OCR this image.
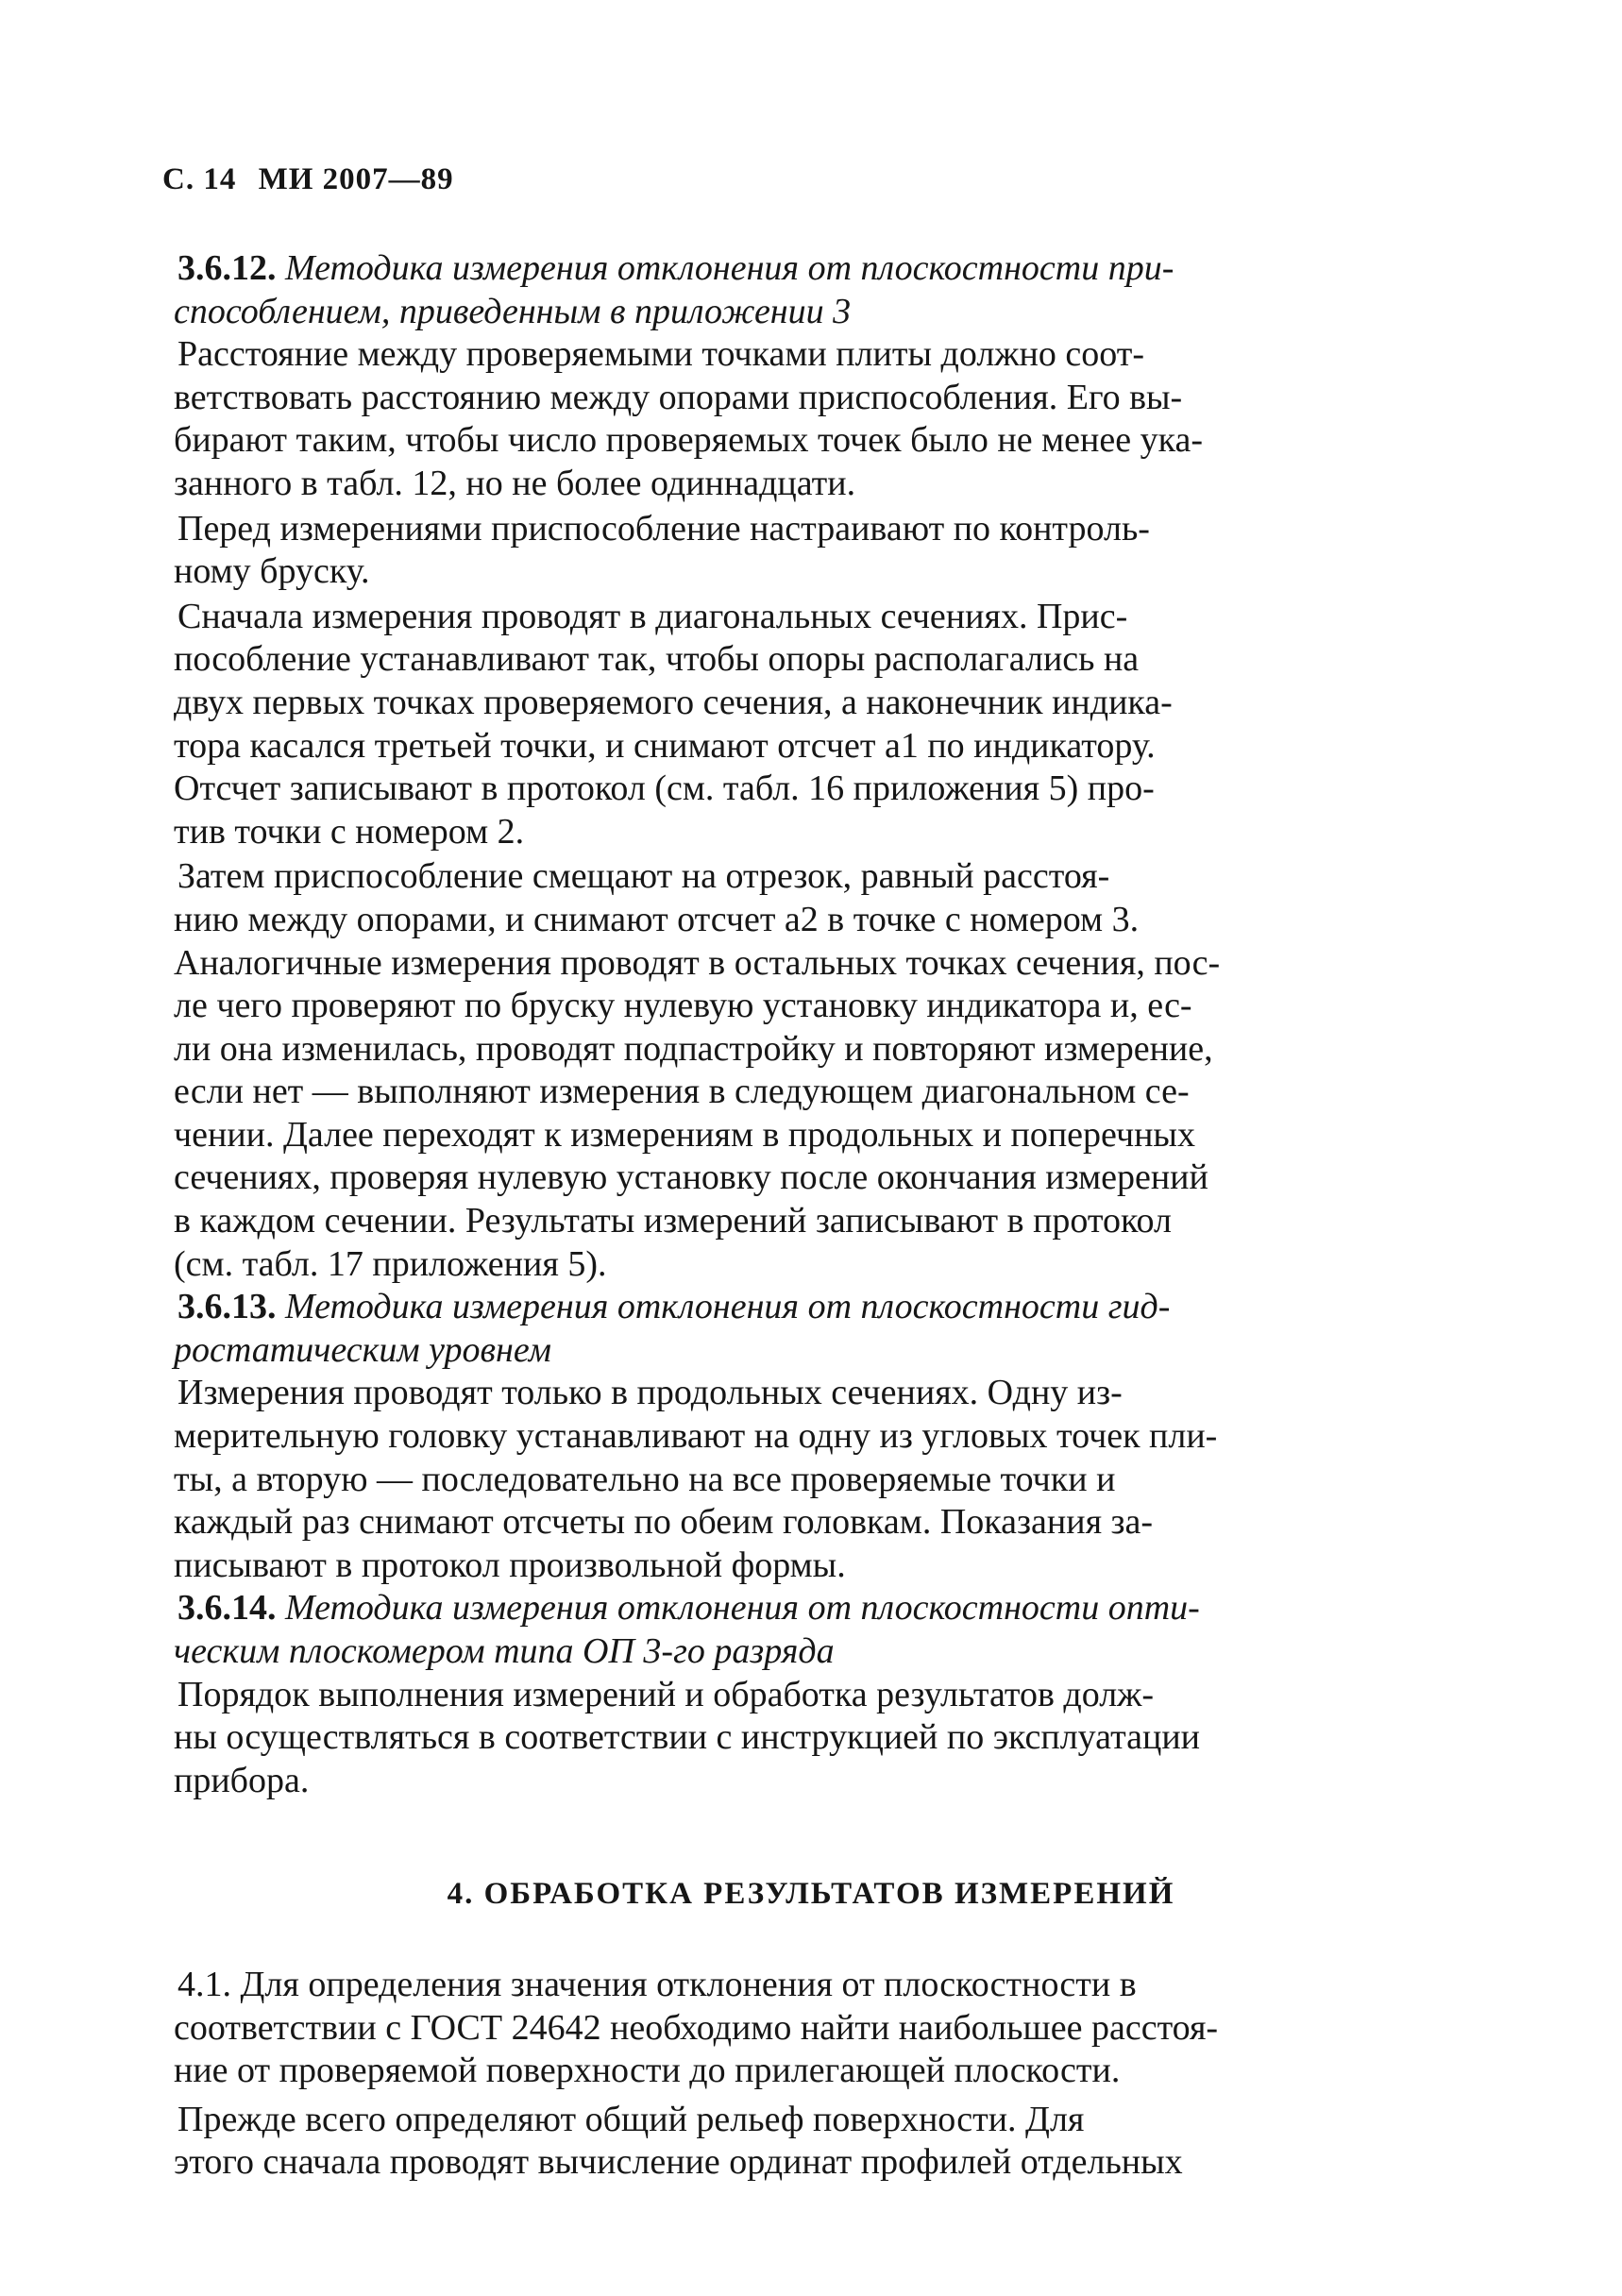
С. 14 МИ 2007—89
3.6.12. Методика измерения отклонения от плоскостности при-
способлением, приведенным в приложении 3
Расстояние между проверяемыми точками плиты должно соот-
ветствовать расстоянию между опорами приспособления. Его вы-
бирают таким, чтобы число проверяемых точек было не менее ука-
занного в табл. 12, но не более одиннадцати.
Перед измерениями приспособление настраивают по контроль-
ному бруску.
Сначала измерения проводят в диагональных сечениях. Прис-
пособление устанавливают так, чтобы опоры располагались на
двух первых точках проверяемого сечения, а наконечник индика-
тора касался третьей точки, и снимают отсчет a1 по индикатору.
Отсчет записывают в протокол (см. табл. 16 приложения 5) про-
тив точки с номером 2.
Затем приспособление смещают на отрезок, равный расстоя-
нию между опорами, и снимают отсчет a2 в точке с номером 3.
Аналогичные измерения проводят в остальных точках сечения, пос-
ле чего проверяют по бруску нулевую установку индикатора и, ес-
ли она изменилась, проводят подпастройку и повторяют измерение,
если нет — выполняют измерения в следующем диагональном се-
чении. Далее переходят к измерениям в продольных и поперечных
сечениях, проверяя нулевую установку после окончания измерений
в каждом сечении. Результаты измерений записывают в протокол
(см. табл. 17 приложения 5).
3.6.13. Методика измерения отклонения от плоскостности гид-
ростатическим уровнем
Измерения проводят только в продольных сечениях. Одну из-
мерительную головку устанавливают на одну из угловых точек пли-
ты, а вторую — последовательно на все проверяемые точки и
каждый раз снимают отсчеты по обеим головкам. Показания за-
писывают в протокол произвольной формы.
3.6.14. Методика измерения отклонения от плоскостности опти-
ческим плоскомером типа ОП 3-го разряда
Порядок выполнения измерений и обработка результатов долж-
ны осуществляться в соответствии с инструкцией по эксплуатации
прибора.
4. ОБРАБОТКА РЕЗУЛЬТАТОВ ИЗМЕРЕНИЙ
4.1. Для определения значения отклонения от плоскостности в
соответствии с ГОСТ 24642 необходимо найти наибольшее расстоя-
ние от проверяемой поверхности до прилегающей плоскости.
Прежде всего определяют общий рельеф поверхности. Для
этого сначала проводят вычисление ординат профилей отдельных
